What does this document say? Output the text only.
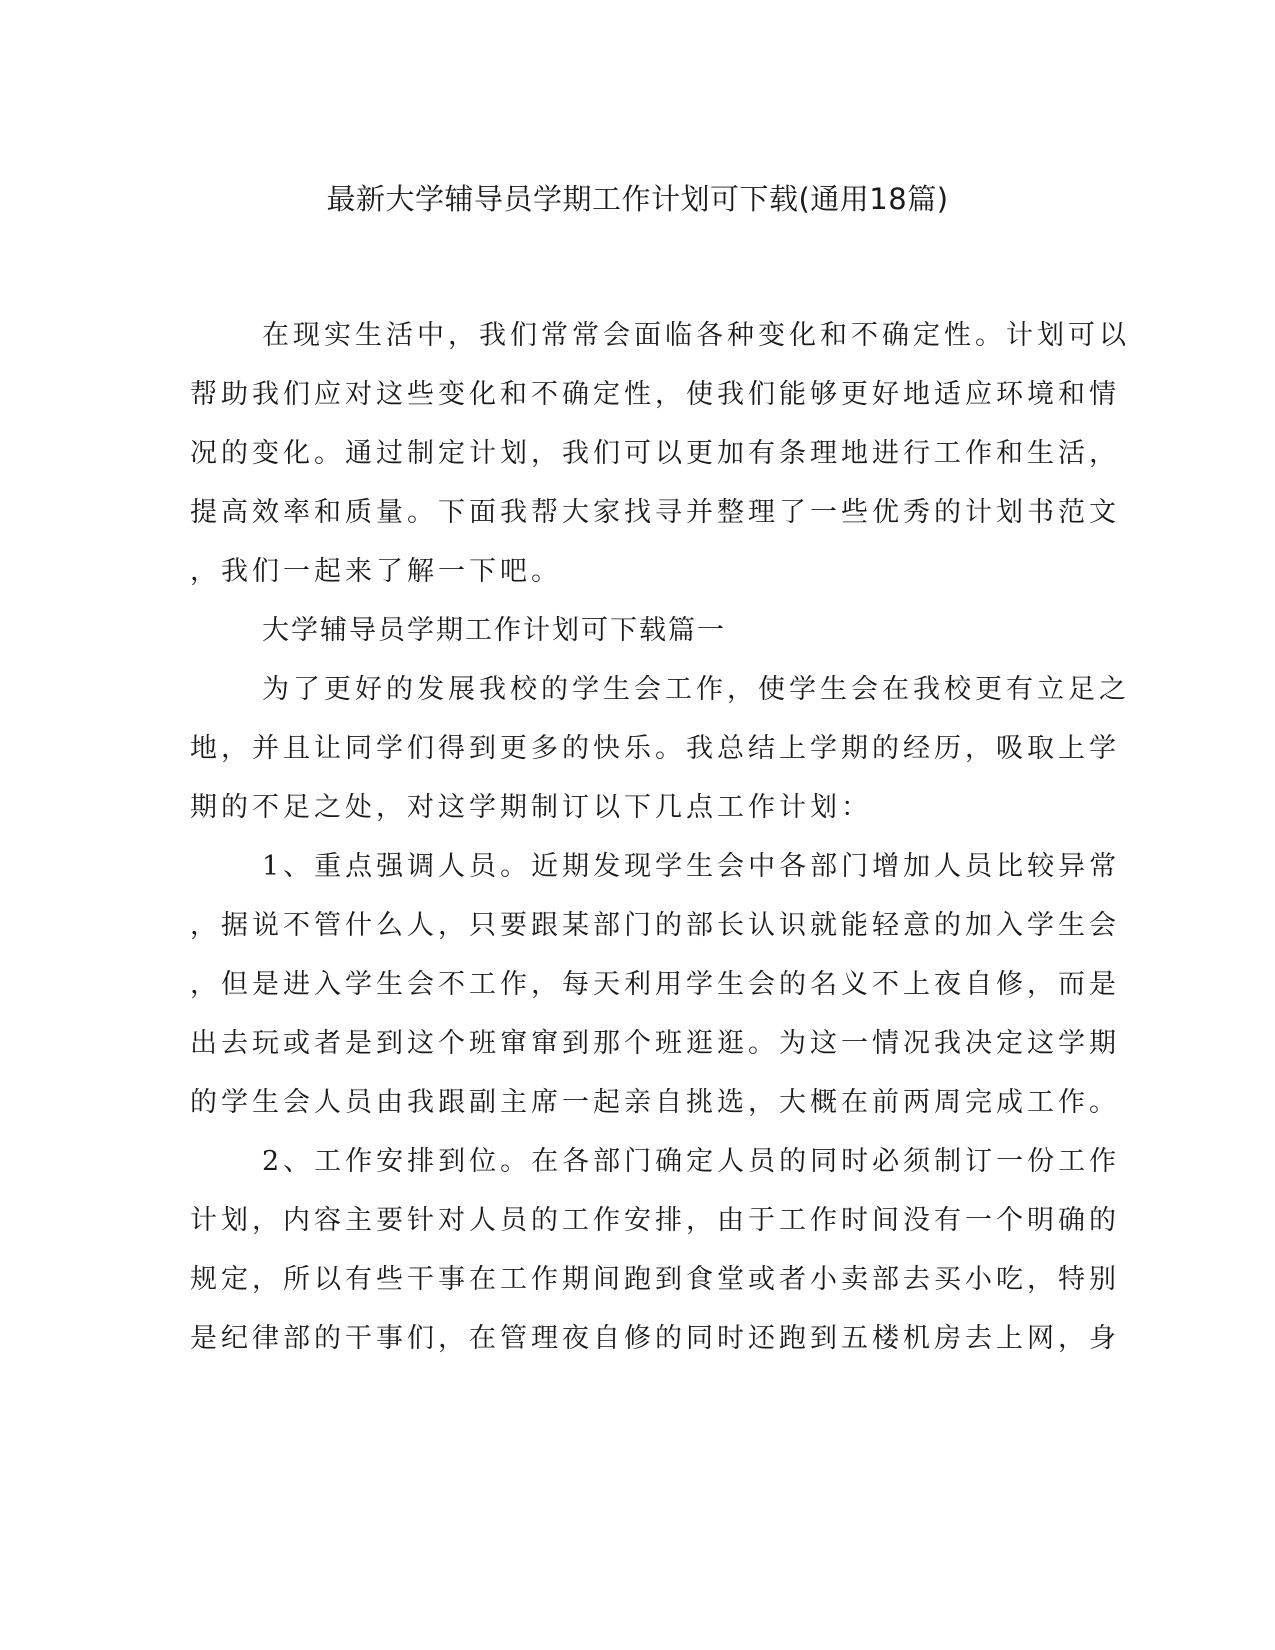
最新大学辅导员学期工作计划可下载(通用18篇)

在现实生活中，我们常常会面临各种变化和不确定性。计划可以

帮助我们应对这些变化和不确定性，使我们能够更好地适应环境和情

况的变化。通过制定计划，我们可以更加有条理地进行工作和生活，

提高效率和质量。下面我帮大家找寻并整理了一些优秀的计划书范文

，我们一起来了解一下吧。

大学辅导员学期工作计划可下载篇一

为了更好的发展我校的学生会工作，使学生会在我校更有立足之

地，并且让同学们得到更多的快乐。我总结上学期的经历，吸取上学

期的不足之处，对这学期制订以下几点工作计划：

1、重点强调人员。近期发现学生会中各部门增加人员比较异常

，据说不管什么人，只要跟某部门的部长认识就能轻意的加入学生会

，但是进入学生会不工作，每天利用学生会的名义不上夜自修，而是

出去玩或者是到这个班窜窜到那个班逛逛。为这一情况我决定这学期

的学生会人员由我跟副主席一起亲自挑选，大概在前两周完成工作。

2、工作安排到位。在各部门确定人员的同时必须制订一份工作

计划，内容主要针对人员的工作安排，由于工作时间没有一个明确的

规定，所以有些干事在工作期间跑到食堂或者小卖部去买小吃，特别

是纪律部的干事们，在管理夜自修的同时还跑到五楼机房去上网，身
